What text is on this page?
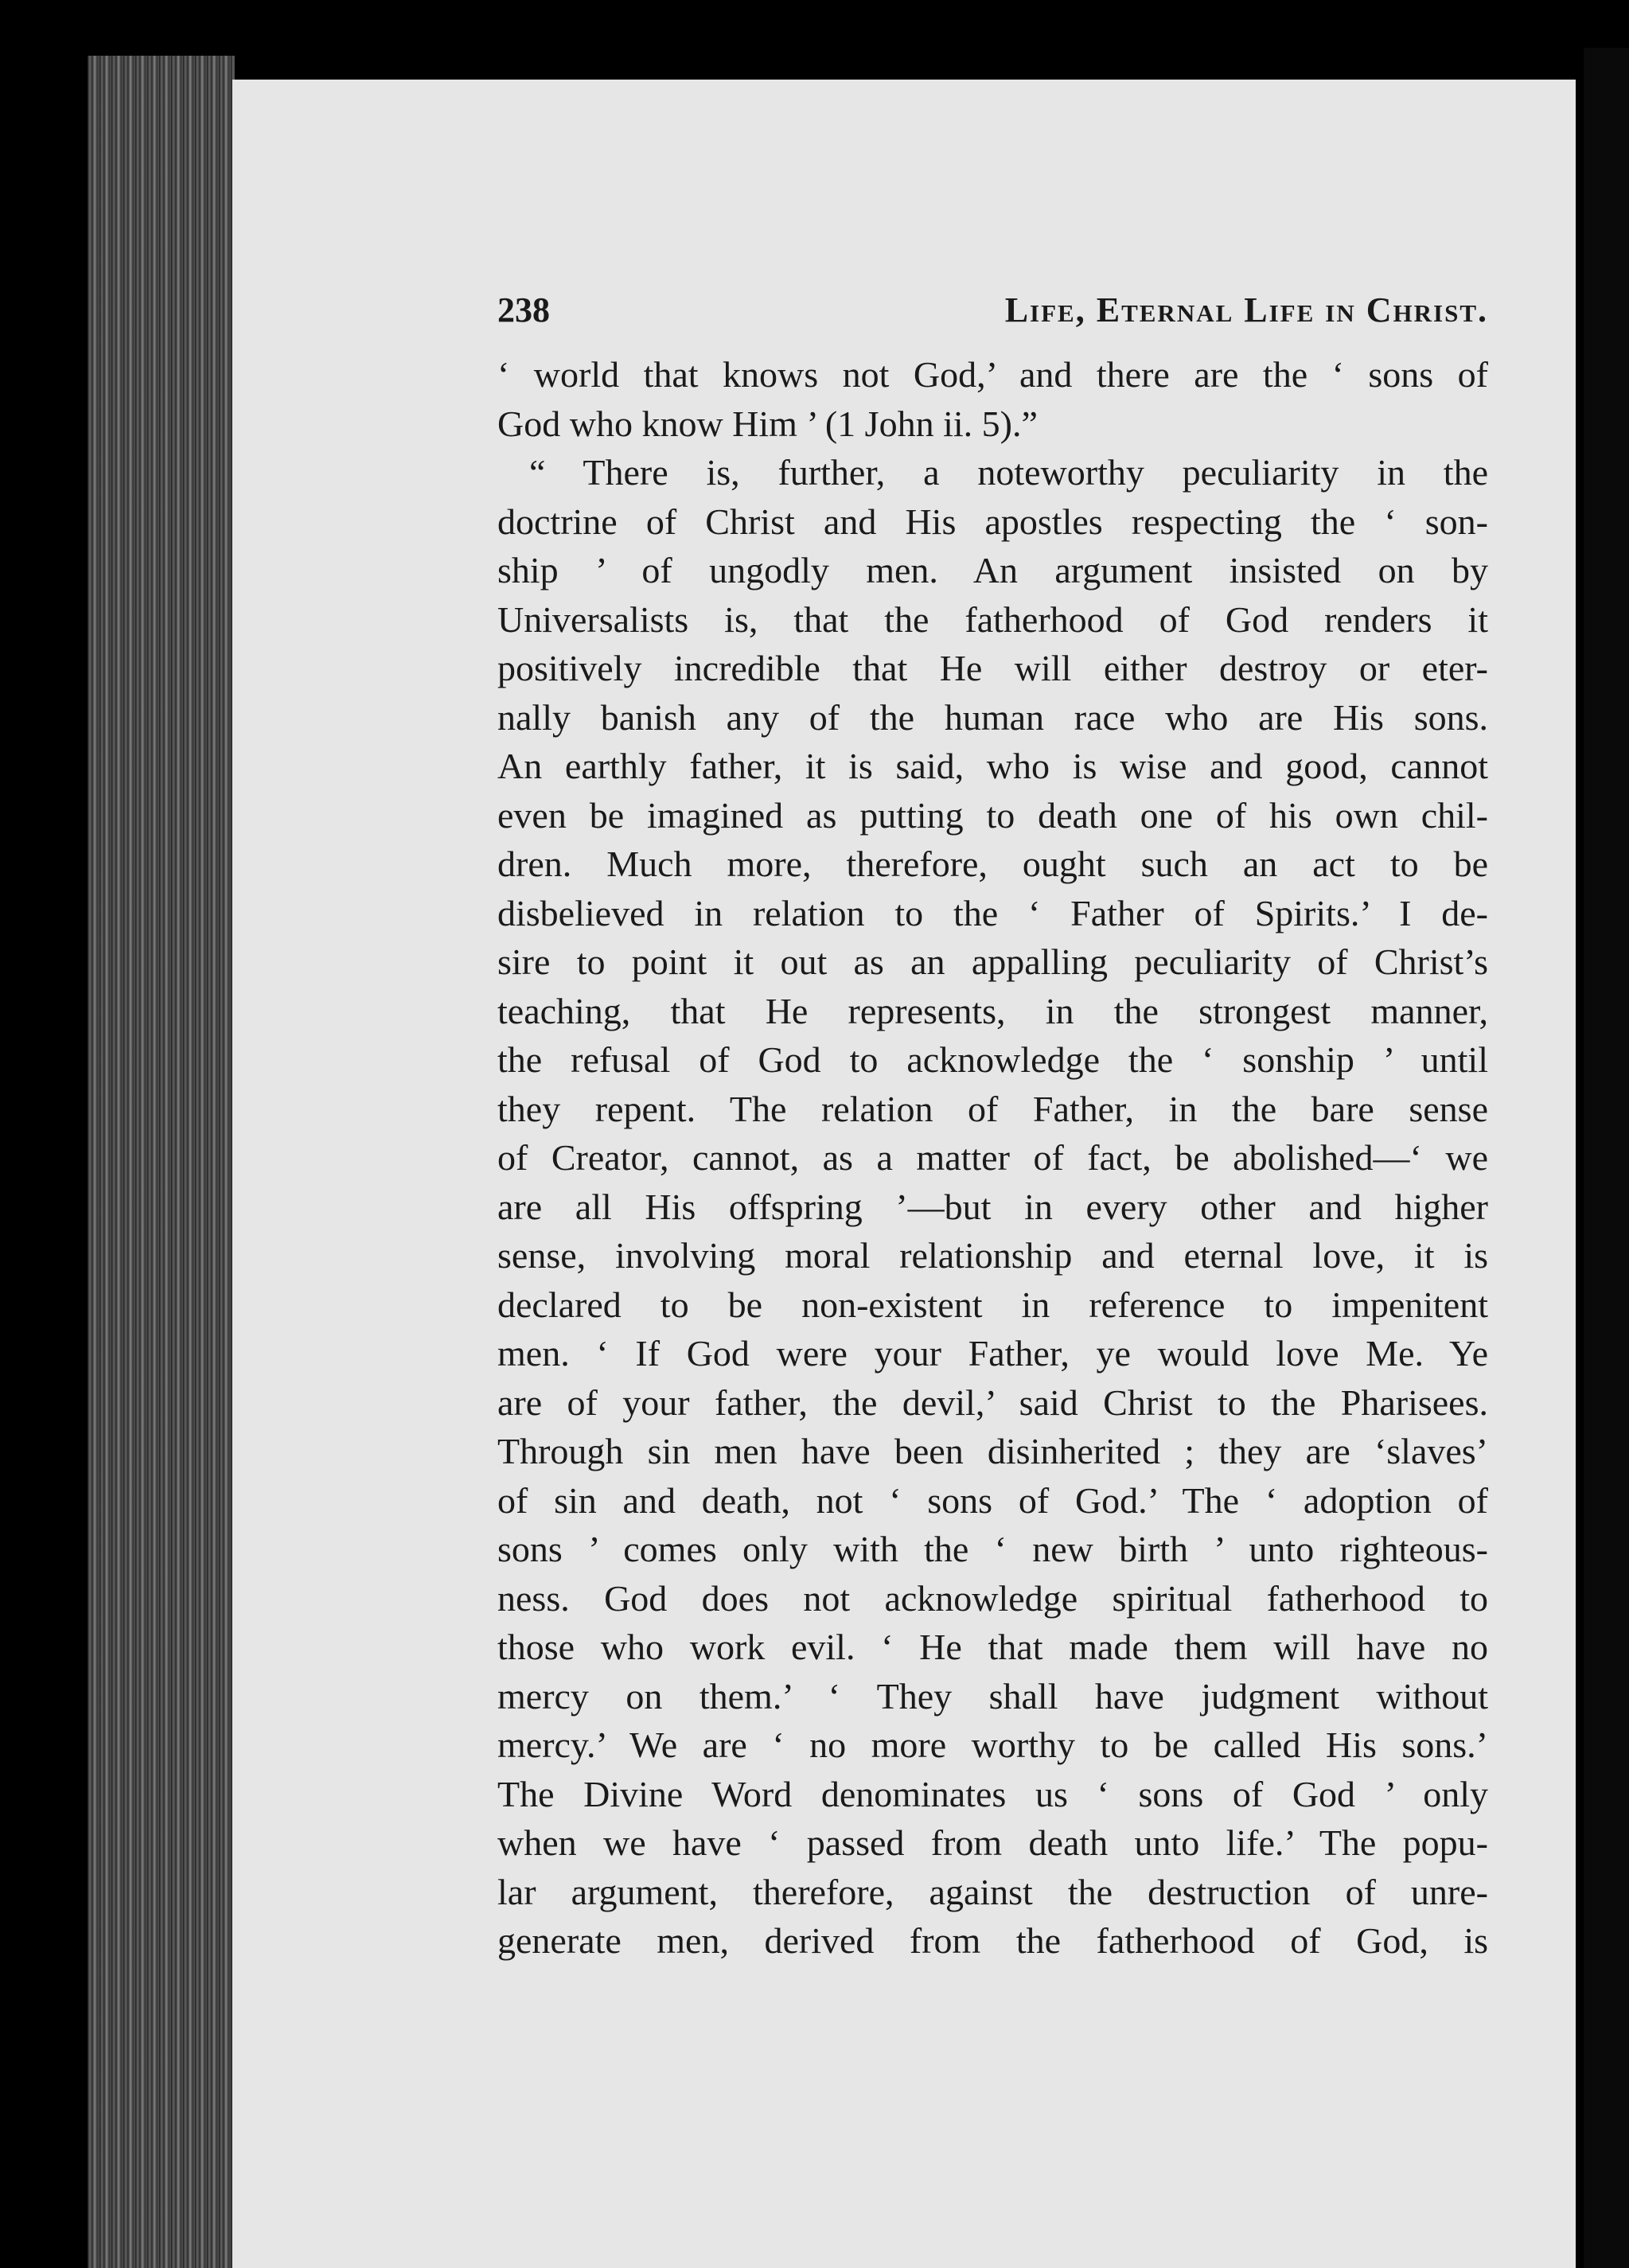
238	Life, Eternal Life in Christ.
‘ world that knows not God,’ and there are the ‘ sons of
God who know Him ’ (1 John ii. 5).”
“ There is, further, a noteworthy peculiarity in the
doctrine of Christ and His apostles respecting the ‘ son-
ship ’ of ungodly men. An argument insisted on by
Universalists is, that the fatherhood of God renders it
positively incredible that He will either destroy or eter-
nally banish any of the human race who are His sons.
An earthly father, it is said, who is wise and good, cannot
even be imagined as putting to death one of his own chil-
dren. Much more, therefore, ought such an act to be
disbelieved in relation to the ‘ Father of Spirits.’ I de-
sire to point it out as an appalling peculiarity of Christ’s
teaching, that He represents, in the strongest manner,
the refusal of God to acknowledge the ‘ sonship ’ until
they repent. The relation of Father, in the bare sense
of Creator, cannot, as a matter of fact, be abolished—‘ we
are all His offspring ’—but in every other and higher
sense, involving moral relationship and eternal love, it is
declared to be non-existent in reference to impenitent
men. ‘ If God were your Father, ye would love Me. Ye
are of your father, the devil,’ said Christ to the Pharisees.
Through sin men have been disinherited ; they are ‘slaves’
of sin and death, not ‘ sons of God.’ The ‘ adoption of
sons ’ comes only with the ‘ new birth ’ unto righteous-
ness. God does not acknowledge spiritual fatherhood to
those who work evil. ‘ He that made them will have no
mercy on them.’ ‘ They shall have judgment without
mercy.’ We are ‘ no more worthy to be called His sons.’
The Divine Word denominates us ‘ sons of God ’ only
when we have ‘ passed from death unto life.’ The popu-
lar argument, therefore, against the destruction of unre-
generate men, derived from the fatherhood of God, is
